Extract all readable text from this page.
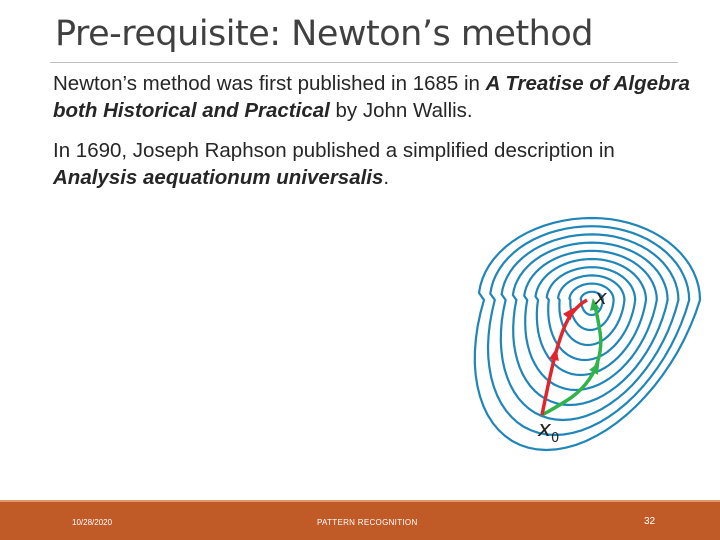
Pre-requisite: Newton’s method
Newton’s method was first published in 1685 in A Treatise of Algebra both Historical and Practical by John Wallis.
In 1690, Joseph Raphson published a simplified description in Analysis aequationum universalis.
x
$x_0$
10/28/2020	PATTERN RECOGNITION	32
